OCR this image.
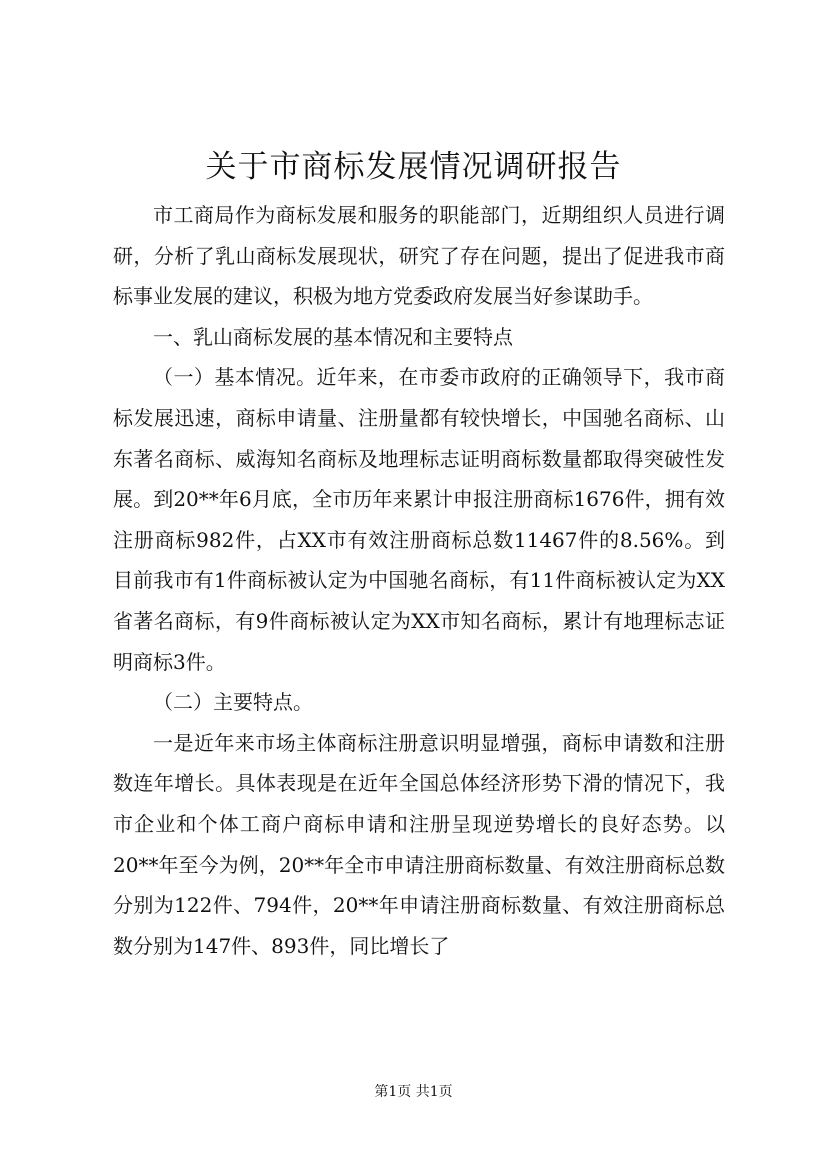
关于市商标发展情况调研报告

市工商局作为商标发展和服务的职能部门，近期组织人员进行调研，分析了乳山商标发展现状，研究了存在问题，提出了促进我市商标事业发展的建议，积极为地方党委政府发展当好参谋助手。

一、乳山商标发展的基本情况和主要特点

（一）基本情况。近年来，在市委市政府的正确领导下，我市商标发展迅速，商标申请量、注册量都有较快增长，中国驰名商标、山东著名商标、威海知名商标及地理标志证明商标数量都取得突破性发展。到20**年6月底，全市历年来累计申报注册商标1676件，拥有效注册商标982件，占XX市有效注册商标总数11467件的8.56%。到目前我市有1件商标被认定为中国驰名商标，有11件商标被认定为XX省著名商标，有9件商标被认定为XX市知名商标，累计有地理标志证明商标3件。

（二）主要特点。

一是近年来市场主体商标注册意识明显增强，商标申请数和注册数连年增长。具体表现是在近年全国总体经济形势下滑的情况下，我市企业和个体工商户商标申请和注册呈现逆势增长的良好态势。以20**年至今为例，20**年全市申请注册商标数量、有效注册商标总数分别为122件、794件，20**年申请注册商标数量、有效注册商标总数分别为147件、893件，同比增长了

第1页 共1页
